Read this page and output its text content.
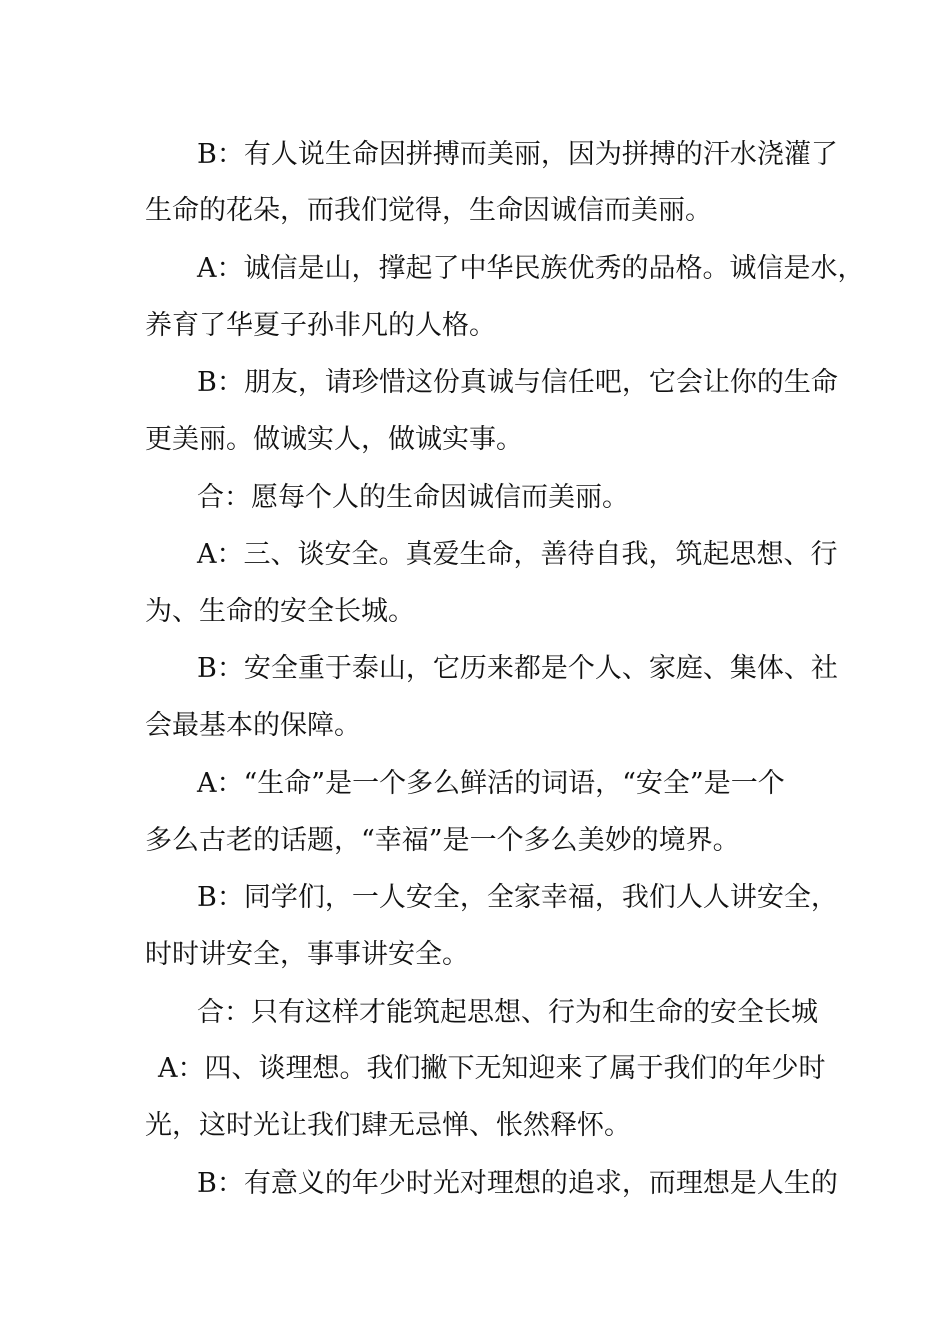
B：有人说生命因拼搏而美丽，因为拼搏的汗水浇灌了
生命的花朵，而我们觉得，生命因诚信而美丽。
A：诚信是山，撑起了中华民族优秀的品格。诚信是水，
养育了华夏子孙非凡的人格。
B：朋友，请珍惜这份真诚与信任吧，它会让你的生命
更美丽。做诚实人，做诚实事。
合：愿每个人的生命因诚信而美丽。
A：三、谈安全。真爱生命，善待自我，筑起思想、行
为、生命的安全长城。
B：安全重于泰山，它历来都是个人、家庭、集体、社
会最基本的保障。
A：“生命”是一个多么鲜活的词语，“安全”是一个
多么古老的话题，“幸福”是一个多么美妙的境界。
B：同学们，一人安全，全家幸福，我们人人讲安全，
时时讲安全，事事讲安全。
合：只有这样才能筑起思想、行为和生命的安全长城
A：四、谈理想。我们撇下无知迎来了属于我们的年少时
光，这时光让我们肆无忌惮、怅然释怀。
B：有意义的年少时光对理想的追求，而理想是人生的
